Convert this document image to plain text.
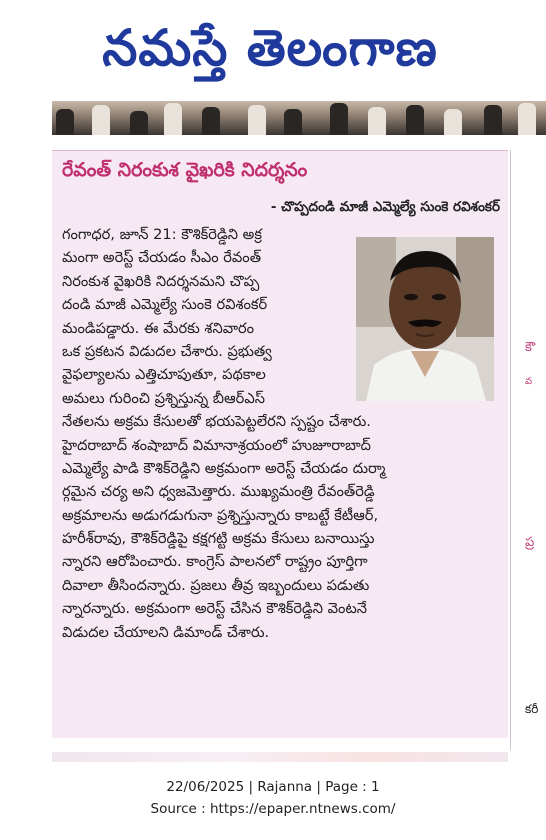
నమస్తే తెలంగాణ
కౌ
వ
ప్ర
కరీ
రేవంత్ నిరంకుశ వైఖరికి నిదర్శనం
- చొప్పదండి మాజీ ఎమ్మెల్యే సుంకె రవిశంకర్
గంగాధర, జూన్ 21: కౌశిక్‌రెడ్డిని అక్ర
మంగా అరెస్ట్ చేయడం సీఎం రేవంత్
నిరంకుశ వైఖరికి నిదర్శనమని చొప్ప
దండి మాజీ ఎమ్మెల్యే సుంకె రవిశంకర్
మండిపడ్డారు. ఈ మేరకు శనివారం
ఒక ప్రకటన విడుదల చేశారు. ప్రభుత్వ
వైఫల్యాలను ఎత్తిచూపుతూ, పథకాల
అమలు గురించి ప్రశ్నిస్తున్న బీఆర్ఎస్
నేతలను అక్రమ కేసులతో భయపెట్టలేరని స్పష్టం చేశారు.
హైదరాబాద్ శంషాబాద్ విమానాశ్రయంలో హుజూరాబాద్
ఎమ్మెల్యే పాడి కౌశిక్‌రెడ్డిని అక్రమంగా అరెస్ట్ చేయడం దుర్మా
ర్గమైన చర్య అని ధ్వజమెత్తారు. ముఖ్యమంత్రి రేవంత్‌రెడ్డి
అక్రమాలను అడుగడుగునా ప్రశ్నిస్తున్నారు కాబట్టే కేటీఆర్,
హరీశ్‌రావు, కౌశిక్‌రెడ్డిపై కక్షగట్టి అక్రమ కేసులు బనాయిస్తు
న్నారని ఆరోపించారు. కాంగ్రెస్ పాలనలో రాష్ట్రం పూర్తిగా
దివాలా తీసిందన్నారు. ప్రజలు తీవ్ర ఇబ్బందులు పడుతు
న్నారన్నారు. అక్రమంగా అరెస్ట్ చేసిన కౌశిక్‌రెడ్డిని వెంటనే
విడుదల చేయాలని డిమాండ్ చేశారు.
22/06/2025 | Rajanna | Page : 1
Source : https://epaper.ntnews.com/
